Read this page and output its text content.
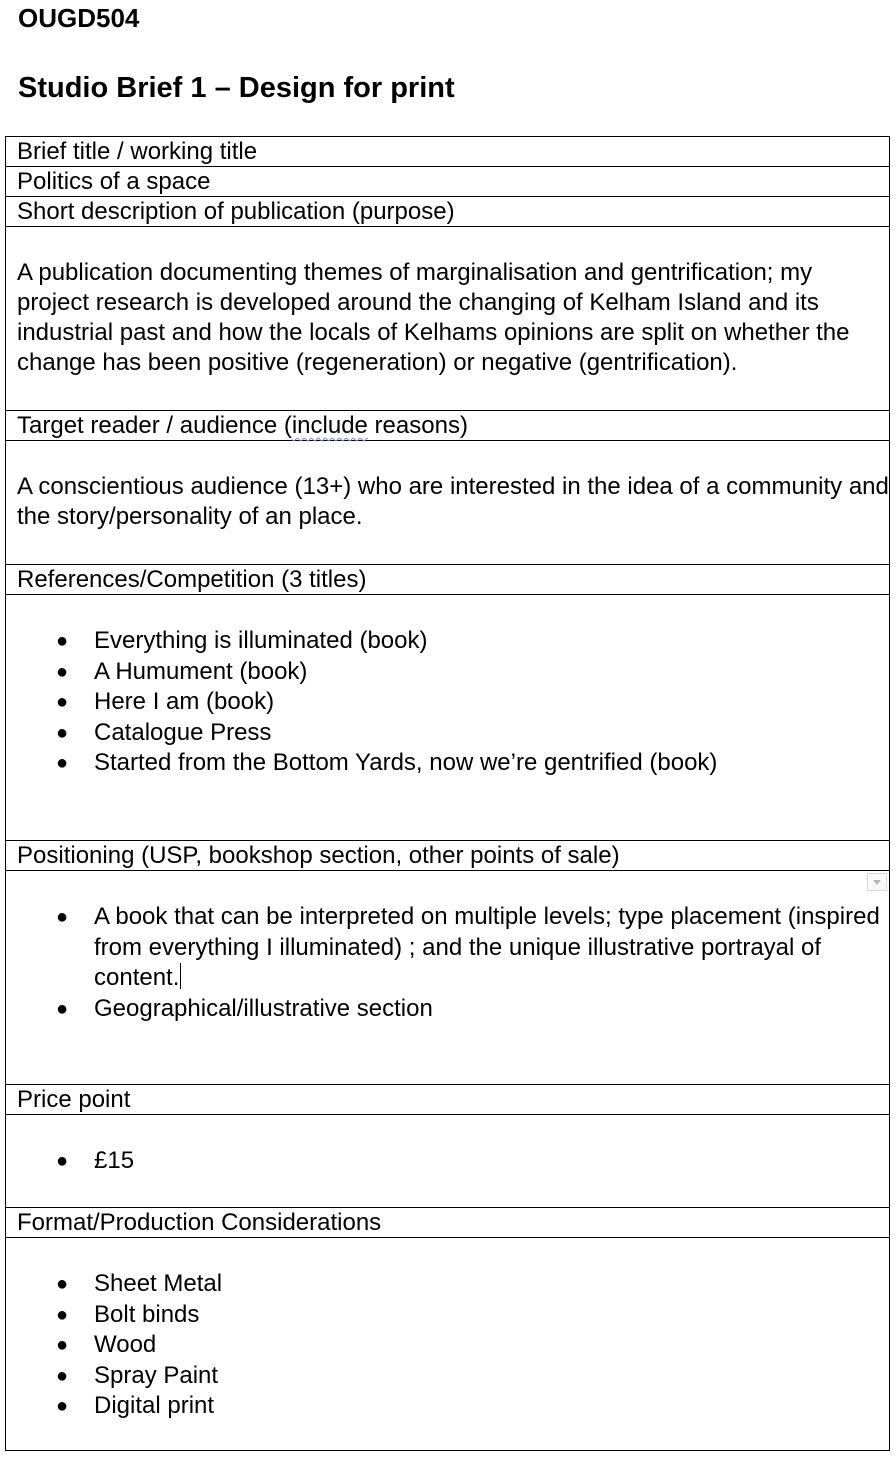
OUGD504
Studio Brief 1 – Design for print
Brief title / working title
Politics of a space
Short description of publication (purpose)

A publication documenting themes of marginalisation and gentrification; my project research is developed around the changing of Kelham Island and its industrial past and how the locals of Kelhams opinions are split on whether the change has been positive (regeneration) or negative (gentrification).

Target reader / audience (include reasons)

A conscientious audience (13+) who are interested in the idea of a community and the story/personality of an place.

References/Competition (3 titles)

● Everything is illuminated (book)
● A Humument (book)
● Here I am (book)
● Catalogue Press
● Started from the Bottom Yards, now we’re gentrified (book)

Positioning (USP, bookshop section, other points of sale)

● A book that can be interpreted on multiple levels; type placement (inspired from everything I illuminated) ; and the unique illustrative portrayal of content.
● Geographical/illustrative section

Price point

● £15

Format/Production Considerations

● Sheet Metal
● Bolt binds
● Wood
● Spray Paint
● Digital print
